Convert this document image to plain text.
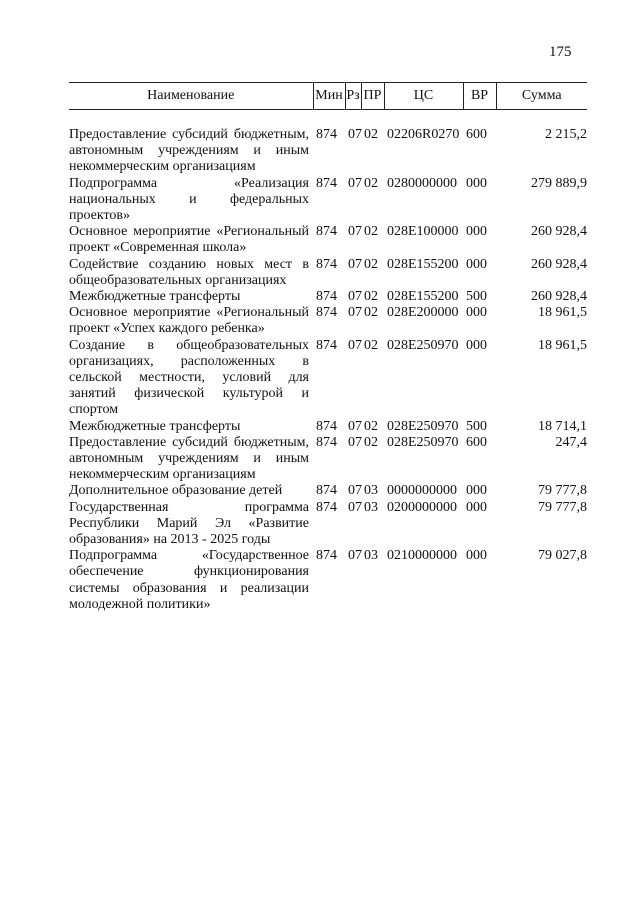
175
Наименование	Мин	Рз	ПР	ЦС	ВР	Сумма

Предоставление субсидий бюджетным, автономным учреждениям и иным некоммерческим организациям	874	07	02	02206R0270	600	2 215,2
Подпрограмма «Реализация национальных и федеральных проектов»	874	07	02	0280000000	000	279 889,9
Основное мероприятие «Региональный проект «Современная школа»	874	07	02	028E100000	000	260 928,4
Содействие созданию новых мест в общеобразовательных организациях	874	07	02	028E155200	000	260 928,4
Межбюджетные трансферты	874	07	02	028E155200	500	260 928,4
Основное мероприятие «Региональный проект «Успех каждого ребенка»	874	07	02	028E200000	000	18 961,5
Создание в общеобразовательных организациях, расположенных в сельской местности, условий для занятий физической культурой и спортом	874	07	02	028E250970	000	18 961,5
Межбюджетные трансферты	874	07	02	028E250970	500	18 714,1
Предоставление субсидий бюджетным, автономным учреждениям и иным некоммерческим организациям	874	07	02	028E250970	600	247,4
Дополнительное образование детей	874	07	03	0000000000	000	79 777,8
Государственная программа Республики Марий Эл «Развитие образования» на 2013 - 2025 годы	874	07	03	0200000000	000	79 777,8
Подпрограмма «Государственное обеспечение функционирования системы образования и реализации молодежной политики»	874	07	03	0210000000	000	79 027,8
